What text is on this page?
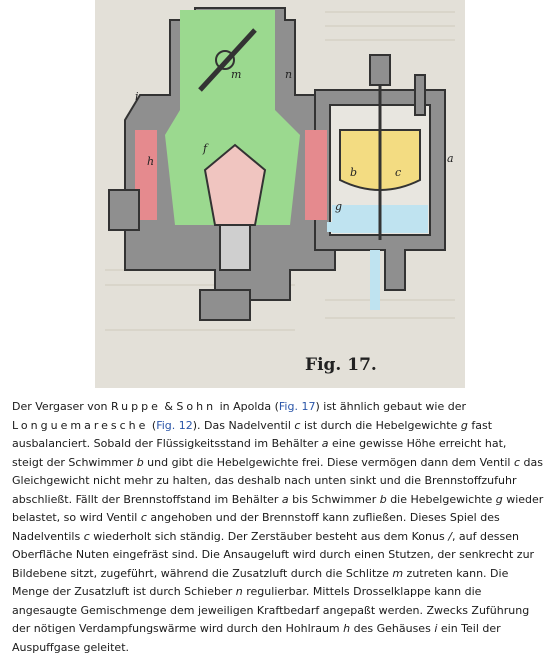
i
m	n
h
f
b	c
g
a
Fig. 17.
Der Vergaser von Ruppe & Sohn in Apolda (Fig. 17) ist ähnlich gebaut wie der
Longuemaresche (Fig. 12). Das Nadelventil c ist durch die Hebelgewichte g fast
ausbalanciert. Sobald der Flüssigkeitsstand im Behälter a eine gewisse Höhe erreicht hat,
steigt der Schwimmer b und gibt die Hebelgewichte frei. Diese vermögen dann dem Ventil c das
Gleichgewicht nicht mehr zu halten, das deshalb nach unten sinkt und die Brennstoffzufuhr
abschließt. Fällt der Brennstoffstand im Behälter a bis Schwimmer b die Hebelgewichte g wieder
belastet, so wird Ventil c angehoben und der Brennstoff kann zufließen. Dieses Spiel des
Nadelventils c wiederholt sich ständig. Der Zerstäuber besteht aus dem Konus /, auf dessen
Oberfläche Nuten eingefräst sind. Die Ansaugeluft wird durch einen Stutzen, der senkrecht zur
Bildebene sitzt, zugeführt, während die Zusatzluft durch die Schlitze m zutreten kann. Die
Menge der Zusatzluft ist durch Schieber n regulierbar. Mittels Drosselklappe kann die
angesaugte Gemischmenge dem jeweiligen Kraftbedarf angepaßt werden. Zwecks Zuführung
der nötigen Verdampfungswärme wird durch den Hohlraum h des Gehäuses i ein Teil der
Auspuffgase geleitet.
